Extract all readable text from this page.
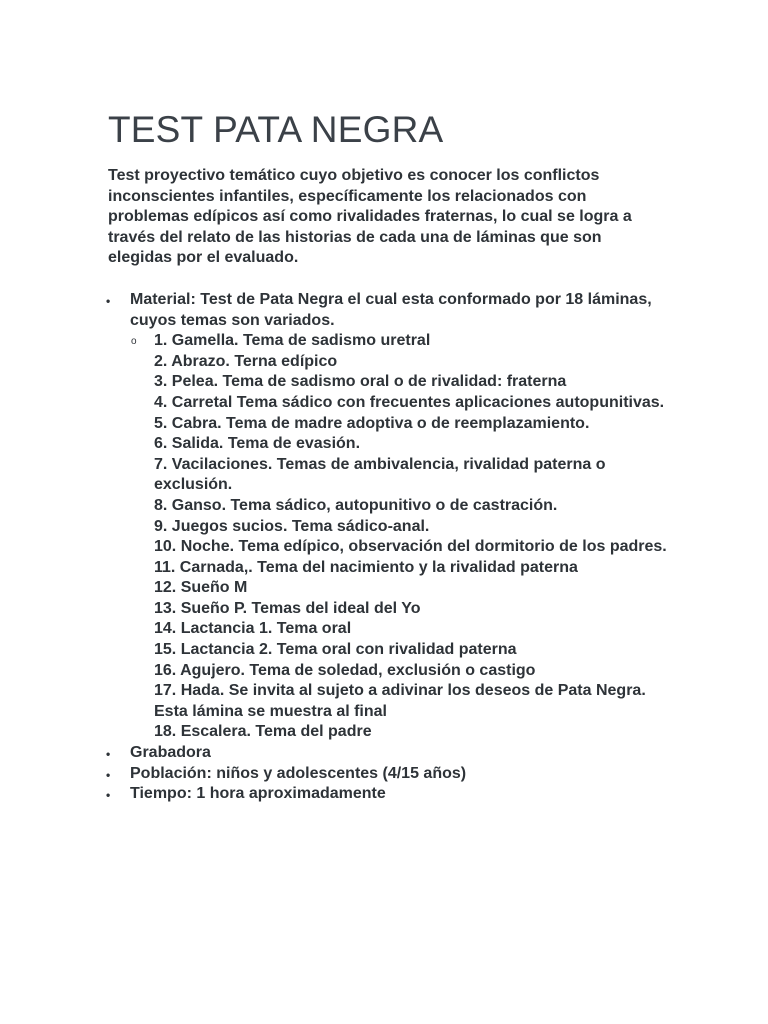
TEST PATA NEGRA

Test proyectivo temático cuyo objetivo es conocer los conflictos inconscientes infantiles, específicamente los relacionados con problemas edípicos así como rivalidades fraternas, lo cual se logra a través del relato de las historias de cada una de láminas que son elegidas por el evaluado.

• Material: Test de Pata Negra el cual esta conformado por 18 láminas, cuyos temas son variados.
o 1. Gamella. Tema de sadismo uretral
2. Abrazo. Terna edípico
3. Pelea. Tema de sadismo oral o de rivalidad: fraterna
4. Carretal Tema sádico con frecuentes aplicaciones autopunitivas.
5. Cabra. Tema de madre adoptiva o de reemplazamiento.
6. Salida. Tema de evasión.
7. Vacilaciones. Temas de ambivalencia, rivalidad paterna o exclusión.
8. Ganso. Tema sádico, autopunitivo o de castración.
9. Juegos sucios. Tema sádico-anal.
10. Noche. Tema edípico, observación del dormitorio de los padres.
11. Carnada,. Tema del nacimiento y la rivalidad paterna
12. Sueño M
13. Sueño P. Temas del ideal del Yo
14. Lactancia 1. Tema oral
15. Lactancia 2. Tema oral con rivalidad paterna
16. Agujero. Tema de soledad, exclusión o castigo
17. Hada. Se invita al sujeto a adivinar los deseos de Pata Negra. Esta lámina se muestra al final
18. Escalera. Tema del padre
• Grabadora
• Población: niños y adolescentes (4/15 años)
• Tiempo: 1 hora aproximadamente
